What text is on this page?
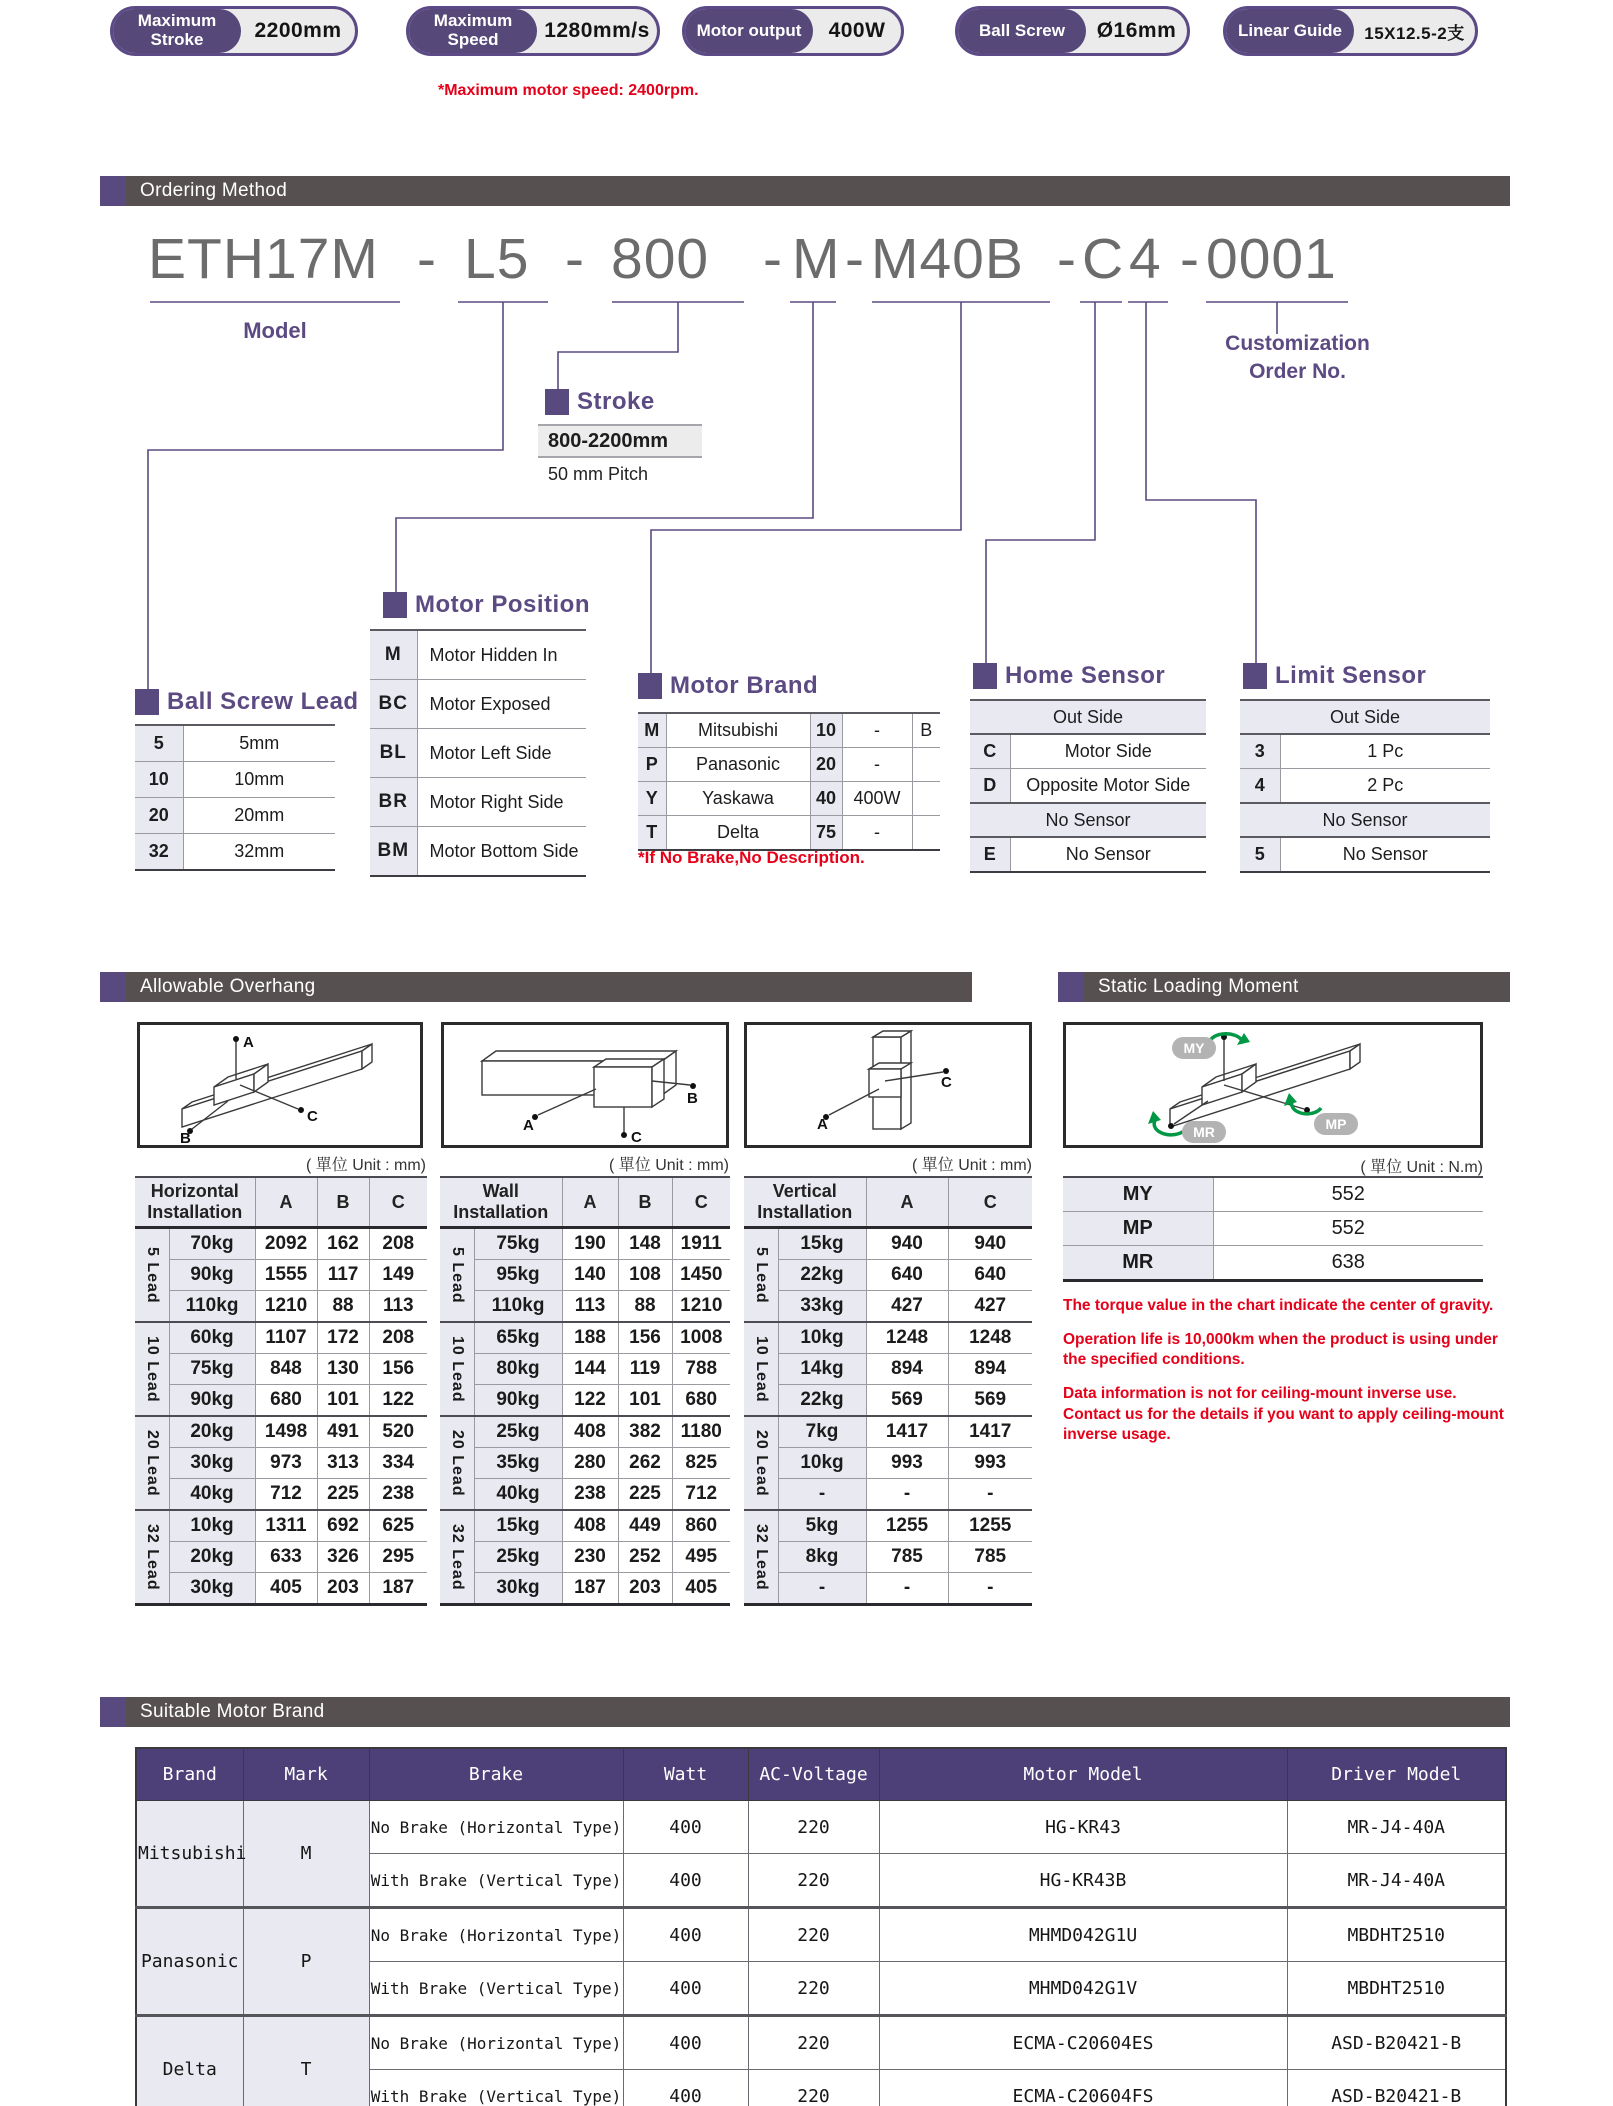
Maximum Stroke	2200mm	Maximum Speed	1280mm/s	Motor output	400W	Ball Screw	Ø16mm	Linear Guide	15X12.5-2支
*Maximum motor speed: 2400rpm.
Ordering Method
ETH17M - L5 - 800 - M - M40B - C 4 - 0001
Model
Customization
Order No.
Stroke
800-2200mm
50 mm Pitch
Ball Screw Lead
5	5mm
10	10mm
20	20mm
32	32mm
Motor Position
M	Motor Hidden In
BC	Motor Exposed
BL	Motor Left Side
BR	Motor Right Side
BM	Motor Bottom Side
Motor Brand
M	Mitsubishi	10	-	B
P	Panasonic	20	-	
Y	Yaskawa	40	400W	
T	Delta	75	-	
*If No Brake,No Description.
Home Sensor
Out Side	
C	Motor Side
D	Opposite Motor Side
No Sensor	
E	No Sensor
Limit Sensor
Out Side	
3	1 Pc
4	2 Pc
No Sensor	
5	No Sensor
Allowable Overhang	Static Loading Moment
A
B
C
A
B
C
A
C
MY
MP
MR
( 單位 Unit : mm)	( 單位 Unit : mm)	( 單位 Unit : mm)	( 單位 Unit : N.m)
Horizontal Installation		A	B	C
5 Lead	70kg	2092	162	208
	90kg	1555	117	149
	110kg	1210	88	113
10 Lead	60kg	1107	172	208
	75kg	848	130	156
	90kg	680	101	122
20 Lead	20kg	1498	491	520
	30kg	973	313	334
	40kg	712	225	238
32 Lead	10kg	1311	692	625
	20kg	633	326	295
	30kg	405	203	187
Wall Installation		A	B	C
5 Lead	75kg	190	148	1911
	95kg	140	108	1450
	110kg	113	88	1210
10 Lead	65kg	188	156	1008
	80kg	144	119	788
	90kg	122	101	680
20 Lead	25kg	408	382	1180
	35kg	280	262	825
	40kg	238	225	712
32 Lead	15kg	408	449	860
	25kg	230	252	495
	30kg	187	203	405
Vertical Installation		A	C
5 Lead	15kg	940	940
	22kg	640	640
	33kg	427	427
10 Lead	10kg	1248	1248
	14kg	894	894
	22kg	569	569
20 Lead	7kg	1417	1417
	10kg	993	993
	-	-	-
32 Lead	5kg	1255	1255
	8kg	785	785
	-	-	-
MY	552
MP	552
MR	638

The torque value in the chart indicate the center of gravity.

Operation life is 10,000km when the product is using under the specified conditions.

Data information is not for ceiling-mount inverse use. Contact us for the details if you want to apply ceiling-mount inverse usage.

Suitable Motor Brand
Brand	Mark	Brake	Watt	AC-Voltage	Motor Model	Driver Model
Mitsubishi	M	No Brake (Horizontal Type)	400	220	HG-KR43	MR-J4-40A
		With Brake (Vertical Type)	400	220	HG-KR43B	MR-J4-40A
Panasonic	P	No Brake (Horizontal Type)	400	220	MHMD042G1U	MBDHT2510
		With Brake (Vertical Type)	400	220	MHMD042G1V	MBDHT2510
Delta	T	No Brake (Horizontal Type)	400	220	ECMA-C20604ES	ASD-B20421-B
		With Brake (Vertical Type)	400	220	ECMA-C20604FS	ASD-B20421-B
